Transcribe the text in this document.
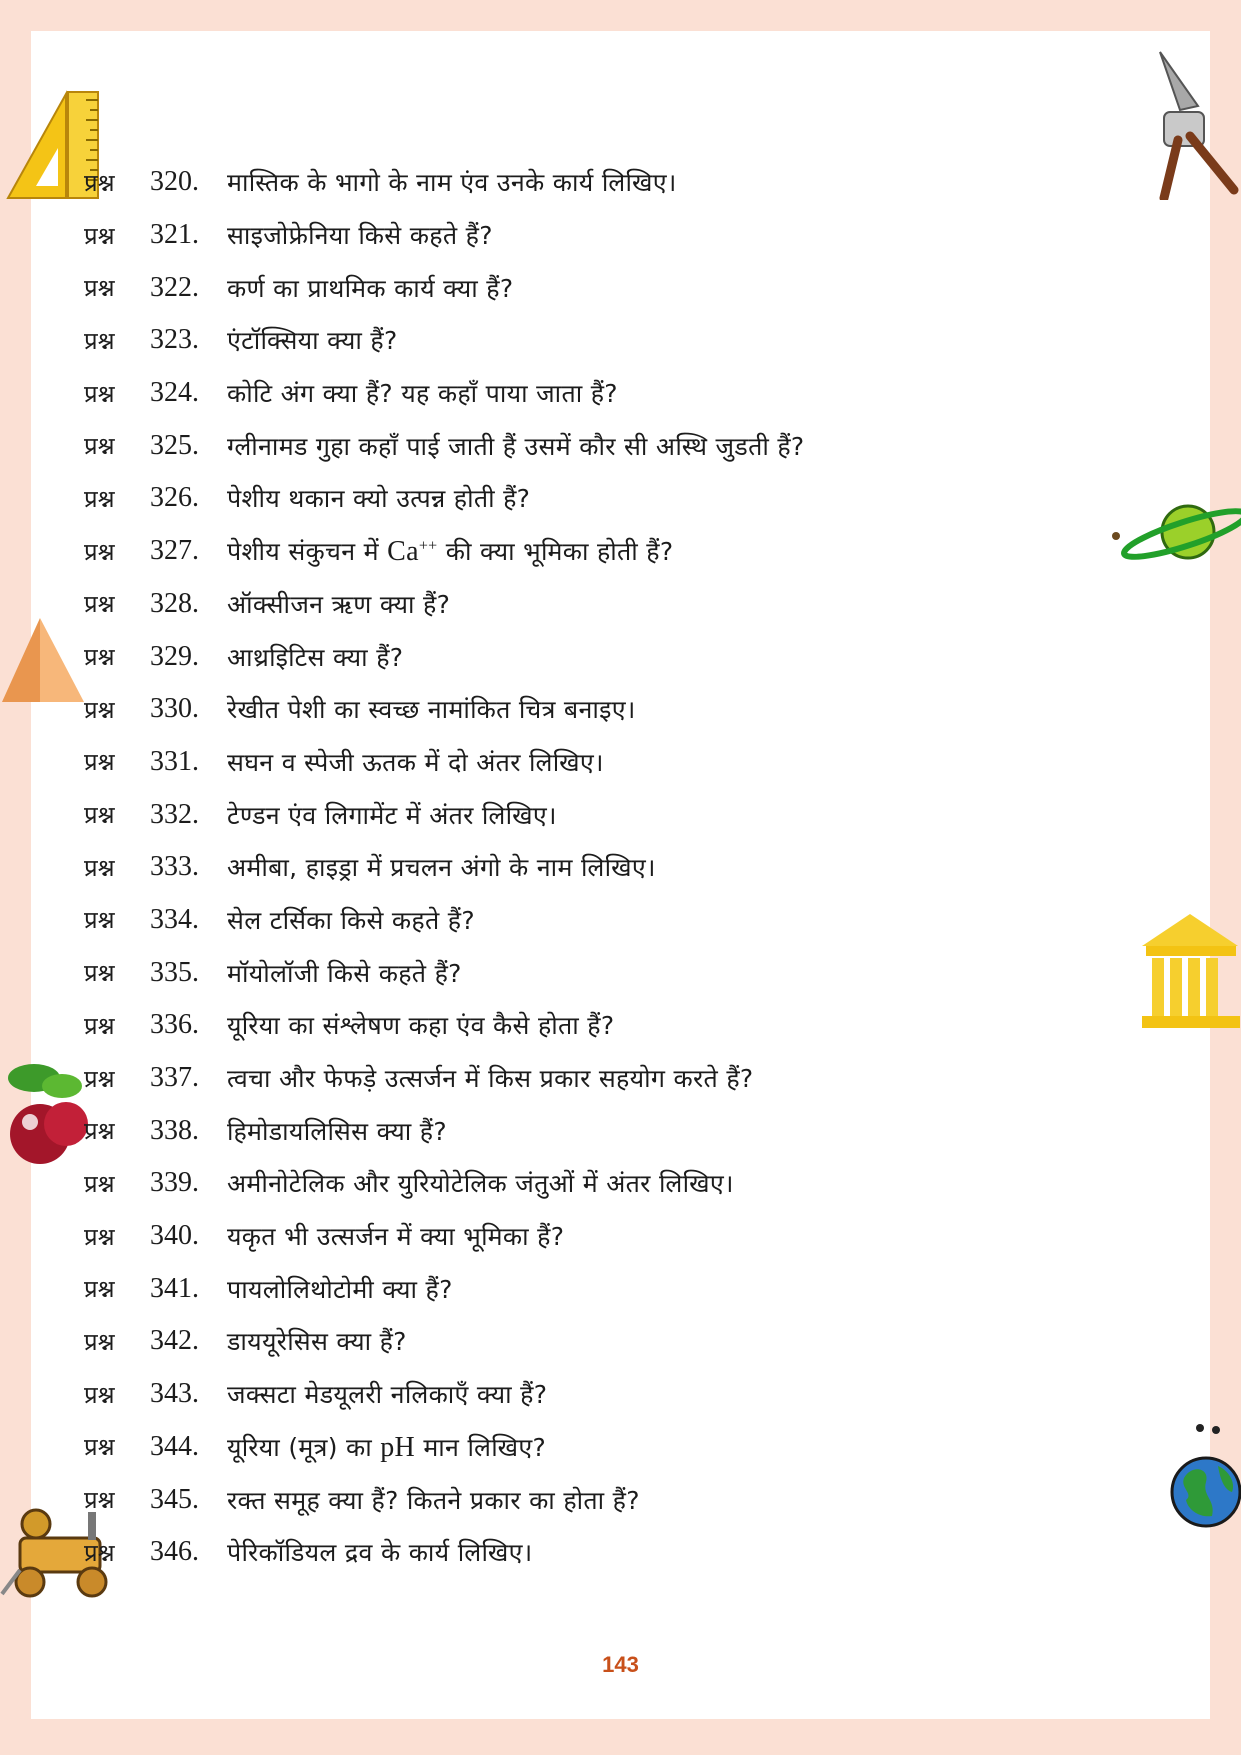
प्रश्न	320.	मास्तिक के भागो के नाम एंव उनके कार्य लिखिए।
प्रश्न	321.	साइजोफ्रेनिया किसे कहते हैं?
प्रश्न	322.	कर्ण का प्राथमिक कार्य क्या हैं?
प्रश्न	323.	एंटॉक्सिया क्या हैं?
प्रश्न	324.	कोटि अंग क्या हैं? यह कहाँ पाया जाता हैं?
प्रश्न	325.	ग्लीनामड गुहा कहाँ पाई जाती हैं उसमें कौर सी अस्थि जुडती हैं?
प्रश्न	326.	पेशीय थकान क्यो उत्पन्न होती हैं?
प्रश्न	327.	पेशीय संकुचन में Ca++ की क्या भूमिका होती हैं?
प्रश्न	328.	ऑक्सीजन ऋण क्या हैं?
प्रश्न	329.	आथ्रइिटिस क्या हैं?
प्रश्न	330.	रेखीत पेशी का स्वच्छ नामांकित चित्र बनाइए।
प्रश्न	331.	सघन व स्पेजी ऊतक में दो अंतर लिखिए।
प्रश्न	332.	टेण्डन एंव लिगामेंट में अंतर लिखिए।
प्रश्न	333.	अमीबा, हाइड्रा में प्रचलन अंगो के नाम लिखिए।
प्रश्न	334.	सेल टर्सिका किसे कहते हैं?
प्रश्न	335.	मॉयोलॉजी किसे कहते हैं?
प्रश्न	336.	यूरिया का संश्लेषण कहा एंव कैसे होता हैं?
प्रश्न	337.	त्वचा और फेफड़े उत्सर्जन में किस प्रकार सहयोग करते हैं?
प्रश्न	338.	हिमोडायलिसिस क्या हैं?
प्रश्न	339.	अमीनोटेलिक और युरियोटेलिक जंतुओं में अंतर लिखिए।
प्रश्न	340.	यकृत भी उत्सर्जन में क्या भूमिका हैं?
प्रश्न	341.	पायलोलिथोटोमी क्या हैं?
प्रश्न	342.	डाययूरेसिस क्या हैं?
प्रश्न	343.	जक्सटा मेडयूलरी नलिकाएँ क्या हैं?
प्रश्न	344.	यूरिया (मूत्र) का pH मान लिखिए?
प्रश्न	345.	रक्त समूह क्या हैं? कितने प्रकार का होता हैं?
प्रश्न	346.	पेरिकॉडियल द्रव के कार्य लिखिए।
143
